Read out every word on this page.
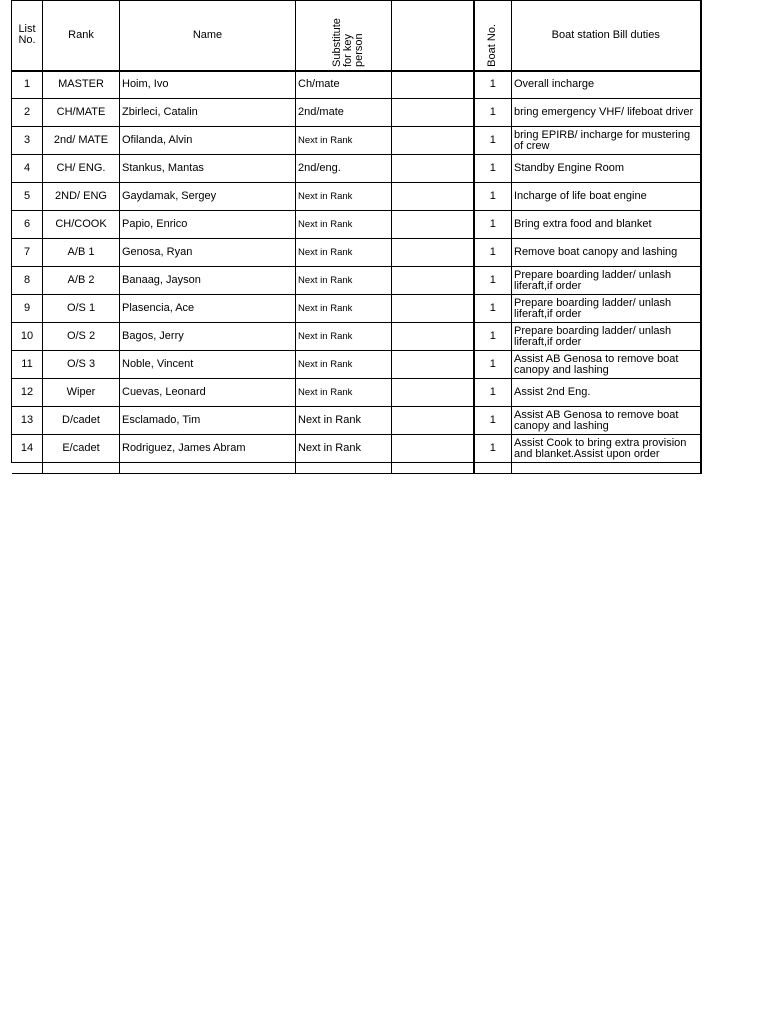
List No.	Rank	Name	Substitute for key person		Boat No.	Boat station Bill duties
1	MASTER	Hoim, Ivo	Ch/mate		1	Overall incharge
2	CH/MATE	Zbirleci, Catalin	2nd/mate		1	bring emergency VHF/ lifeboat driver
3	2nd/ MATE	Ofilanda, Alvin	Next in Rank		1	bring EPIRB/ incharge for mustering of crew
4	CH/ ENG.	Stankus, Mantas	2nd/eng.		1	Standby Engine Room
5	2ND/ ENG	Gaydamak, Sergey	Next in Rank		1	Incharge of life boat engine
6	CH/COOK	Papio, Enrico	Next in Rank		1	Bring extra food and blanket
7	A/B 1	Genosa, Ryan	Next in Rank		1	Remove boat canopy and lashing
8	A/B 2	Banaag, Jayson	Next in Rank		1	Prepare boarding ladder/ unlash liferaft,if order
9	O/S 1	Plasencia, Ace	Next in Rank		1	Prepare boarding ladder/ unlash liferaft,if order
10	O/S 2	Bagos, Jerry	Next in Rank		1	Prepare boarding ladder/ unlash liferaft,if order
11	O/S 3	Noble, Vincent	Next in Rank		1	Assist AB Genosa to remove boat canopy and lashing
12	Wiper	Cuevas, Leonard	Next in Rank		1	Assist 2nd Eng.
13	D/cadet	Esclamado, Tim	Next in Rank		1	Assist AB Genosa to remove boat canopy and lashing
14	E/cadet	Rodriguez, James Abram	Next in Rank		1	Assist Cook to bring extra provision and blanket.Assist upon order
